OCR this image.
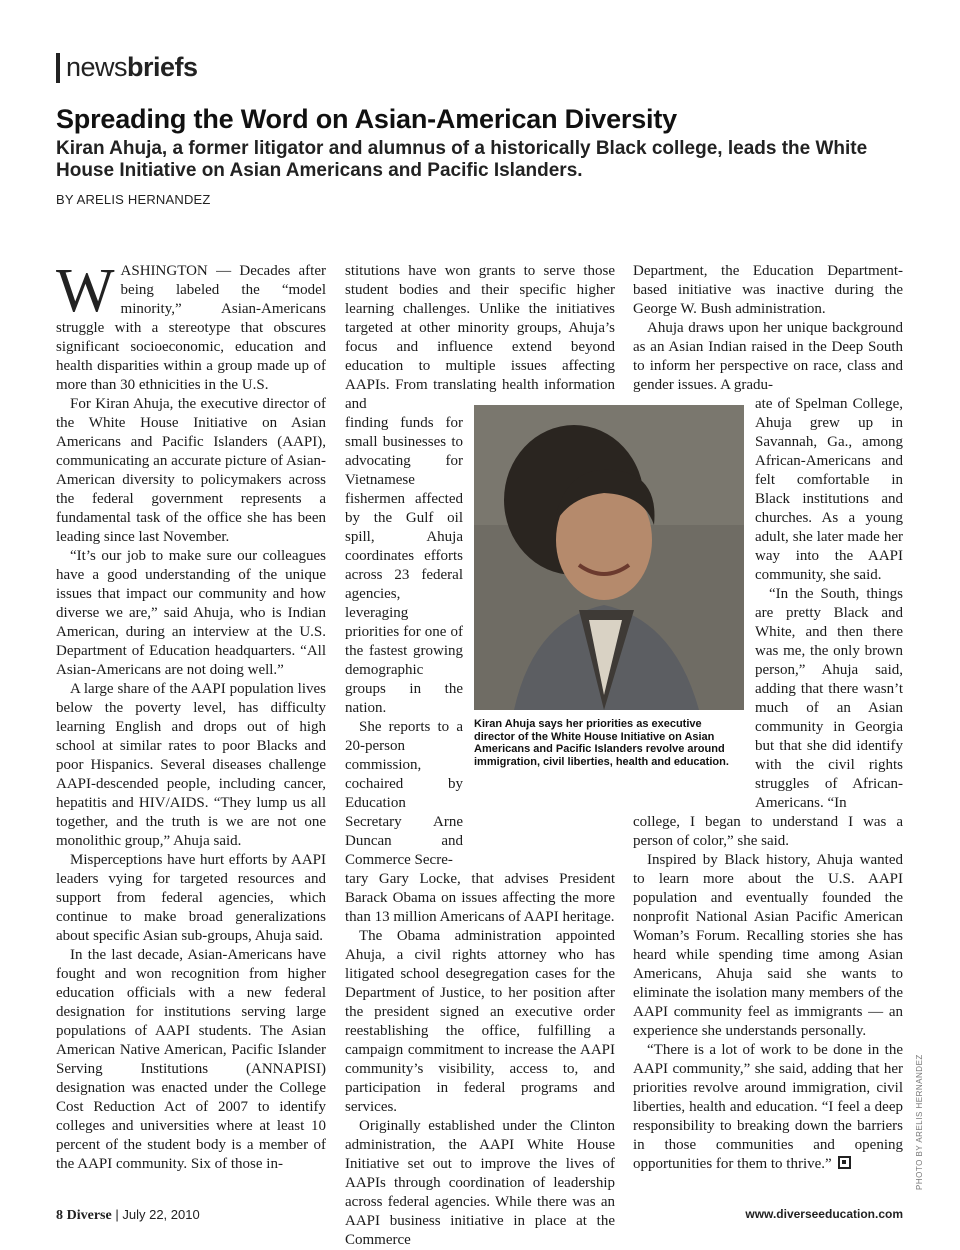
news briefs
Spreading the Word on Asian-American Diversity

Kiran Ahuja, a former litigator and alumnus of a historically Black college, leads the White House Initiative on Asian Americans and Pacific Islanders.

BY ARELIS HERNANDEZ

WASHINGTON — Decades after being labeled the “model minority,” Asian-Americans struggle with a stereotype that obscures significant socioeconomic, education and health disparities within a group made up of more than 30 ethnicities in the U.S.

For Kiran Ahuja, the executive director of the White House Initiative on Asian Americans and Pacific Islanders (AAPI), communicating an accurate picture of Asian-American diversity to policymakers across the federal government represents a fundamental task of the office she has been leading since last November.

“It’s our job to make sure our colleagues have a good understanding of the unique issues that impact our community and how diverse we are,” said Ahuja, who is Indian American, during an interview at the U.S. Department of Education headquarters. “All Asian-Americans are not doing well.”

A large share of the AAPI population lives below the poverty level, has difficulty learning English and drops out of high school at similar rates to poor Blacks and poor Hispanics. Several diseases challenge AAPI-descended people, including cancer, hepatitis and HIV/AIDS. “They lump us all together, and the truth is we are not one monolithic group,” Ahuja said.

Misperceptions have hurt efforts by AAPI leaders vying for targeted resources and support from federal agencies, which continue to make broad generalizations about specific Asian sub-groups, Ahuja said.

In the last decade, Asian-Americans have fought and won recognition from higher education officials with a new federal designation for institutions serving large populations of AAPI students. The Asian American Native American, Pacific Islander Serving Institutions (ANNAPISI) designation was enacted under the College Cost Reduction Act of 2007 to identify colleges and universities where at least 10 percent of the student body is a member of the AAPI community. Six of those in-

stitutions have won grants to serve those student bodies and their specific higher learning challenges. Unlike the initiatives targeted at other minority groups, Ahuja’s focus and influence extend beyond education to multiple issues affecting AAPIs. From translating health information and

finding funds for small businesses to advocating for Vietnamese fishermen affected by the Gulf oil spill, Ahuja coordinates efforts across 23 federal agencies, leveraging priorities for one of the fastest growing demographic groups in the nation.

She reports to a 20-person commission, cochaired by Education Secretary Arne Duncan and Commerce Secre-

tary Gary Locke, that advises President Barack Obama on issues affecting the more than 13 million Americans of AAPI heritage.

The Obama administration appointed Ahuja, a civil rights attorney who has litigated school desegregation cases for the Department of Justice, to her position after the president signed an executive order reestablishing the office, fulfilling a campaign commitment to increase the AAPI community’s visibility, access to, and participation in federal programs and services.

Originally established under the Clinton administration, the AAPI White House Initiative set out to improve the lives of AAPIs through coordination of leadership across federal agencies. While there was an AAPI business initiative in place at the Commerce

Department, the Education Department-based initiative was inactive during the George W. Bush administration.

Ahuja draws upon her unique background as an Asian Indian raised in the Deep South to inform her perspective on race, class and gender issues. A gradu-

ate of Spelman College, Ahuja grew up in Savannah, Ga., among African-Americans and felt comfortable in Black institutions and churches. As a young adult, she later made her way into the AAPI community, she said.

“In the South, things are pretty Black and White, and then there was me, the only brown person,” Ahuja said, adding that there wasn’t much of an Asian community in Georgia but that she did identify with the civil rights struggles of African-Americans. “In

college, I began to understand I was a person of color,” she said.

Inspired by Black history, Ahuja wanted to learn more about the U.S. AAPI population and eventually founded the nonprofit National Asian Pacific American Woman’s Forum. Recalling stories she has heard while spending time among Asian Americans, Ahuja said she wants to eliminate the isolation many members of the AAPI community feel as immigrants — an experience she understands personally.

“There is a lot of work to be done in the AAPI community,” she said, adding that her priorities revolve around immigration, civil liberties, health and education. “I feel a deep responsibility to breaking down the barriers in those communities and opening opportunities for them to thrive.”

Kiran Ahuja says her priorities as executive director of the White House Initiative on Asian Americans and Pacific Islanders revolve around immigration, civil liberties, health and education.
PHOTO BY ARELIS HERNANDEZ
8 Diverse | July 22, 2010	www.diverseeducation.com
